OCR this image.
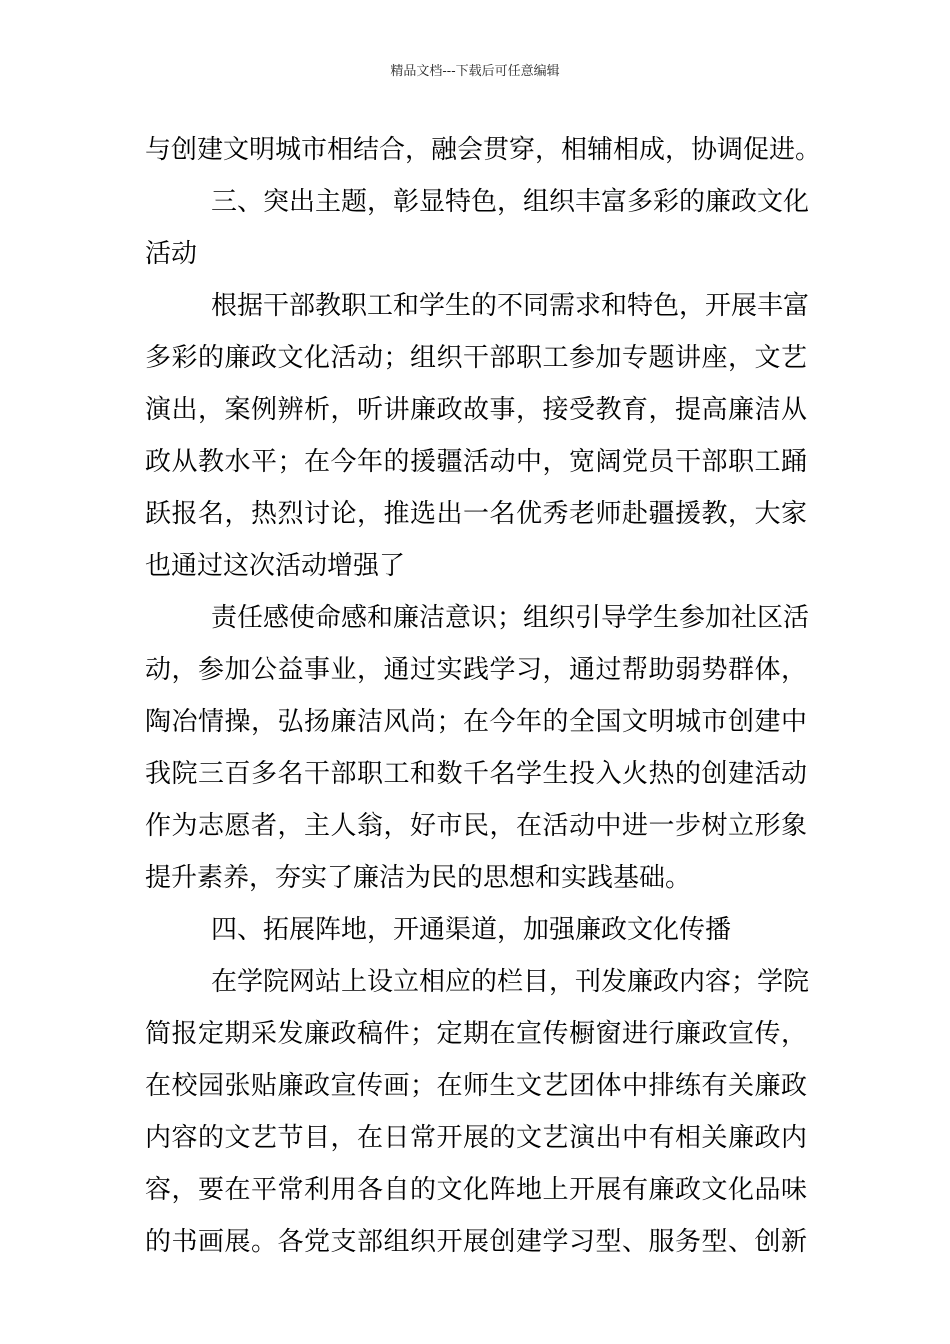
精品文档---下载后可任意编辑
与创建文明城市相结合，融会贯穿，相辅相成，协调促进。
三、突出主题，彰显特色，组织丰富多彩的廉政文化
活动
根据干部教职工和学生的不同需求和特色，开展丰富
多彩的廉政文化活动；组织干部职工参加专题讲座，文艺
演出，案例辨析，听讲廉政故事，接受教育，提高廉洁从
政从教水平；在今年的援疆活动中，宽阔党员干部职工踊
跃报名，热烈讨论，推选出一名优秀老师赴疆援教，大家
也通过这次活动增强了
责任感使命感和廉洁意识；组织引导学生参加社区活
动，参加公益事业，通过实践学习，通过帮助弱势群体，
陶冶情操，弘扬廉洁风尚；在今年的全国文明城市创建中
我院三百多名干部职工和数千名学生投入火热的创建活动
作为志愿者，主人翁，好市民，在活动中进一步树立形象
提升素养，夯实了廉洁为民的思想和实践基础。
四、拓展阵地，开通渠道，加强廉政文化传播
在学院网站上设立相应的栏目，刊发廉政内容；学院
简报定期采发廉政稿件；定期在宣传橱窗进行廉政宣传，
在校园张贴廉政宣传画；在师生文艺团体中排练有关廉政
内容的文艺节目，在日常开展的文艺演出中有相关廉政内
容，要在平常利用各自的文化阵地上开展有廉政文化品味
的书画展。各党支部组织开展创建学习型、服务型、创新
